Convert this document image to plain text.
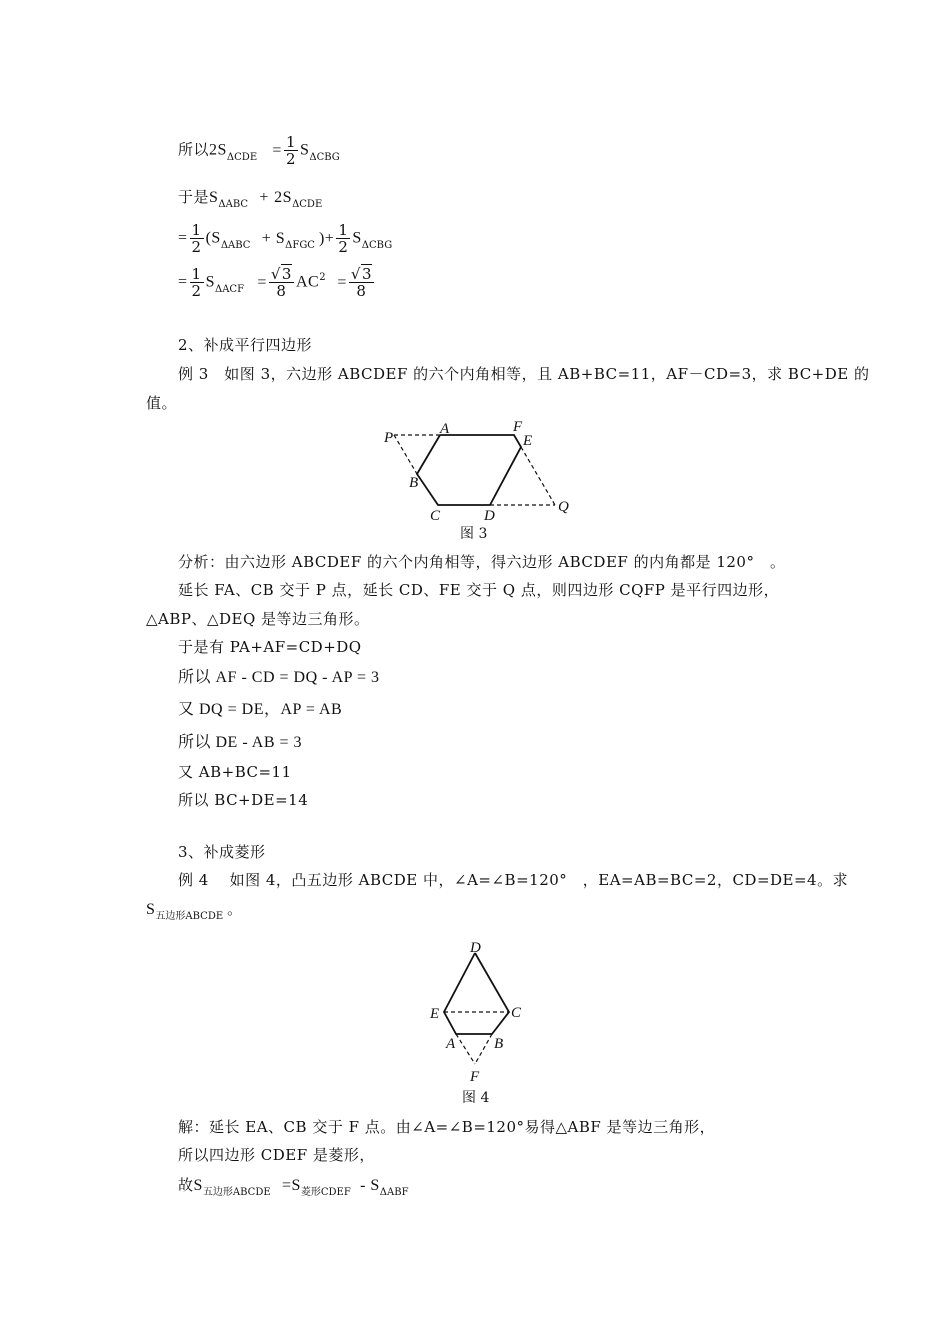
所以$2S_{\Delta CDE} = \frac{1}{2} S_{\Delta CBG}$
于是$S_{\Delta ABC} + 2S_{\Delta CDE}$
= $\frac{1}{2} (S_{\Delta ABC} + S_{\Delta FGC}$ )+ $\frac{1}{2} S_{\Delta CBG}$
= $\frac{1}{2} S_{\Delta ACF} = \frac{√3}{8} AC^2 = \frac{√3}{8}$
2、补成平行四边形
例 3　如图 3，六边形 ABCDEF 的六个内角相等，且 AB+BC=11，AF－CD=3，求 BC+DE 的
值。
P
A	F
E
B
C	D
Q
图 3
分析：由六边形 ABCDEF 的六个内角相等，得六边形 ABCDEF 的内角都是 120°　。
延长 FA、CB 交于 P 点，延长 CD、FE 交于 Q 点，则四边形 CQFP 是平行四边形，
△ABP、△DEQ 是等边三角形。
于是有 PA+AF=CD+DQ
所以 AF - CD = DQ - AP = 3
又 DQ = DE，AP = AB
所以 DE - AB = 3
又 AB+BC=11
所以 BC+DE=14
3、补成菱形
例 4　 如图 4，凸五边形 ABCDE 中，∠A=∠B=120°　，EA=AB=BC=2，CD=DE=4。求
$S_{五边形ABCDE}$ 。
D
E	C
A	B
F
图 4
解：延长 EA、CB 交于 F 点。由∠A=∠B=120°易得△ABF 是等边三角形，
所以四边形 CDEF 是菱形，
故$S_{五边形ABCDE} =S_{菱形CDEF} - S_{\Delta ABF}$
